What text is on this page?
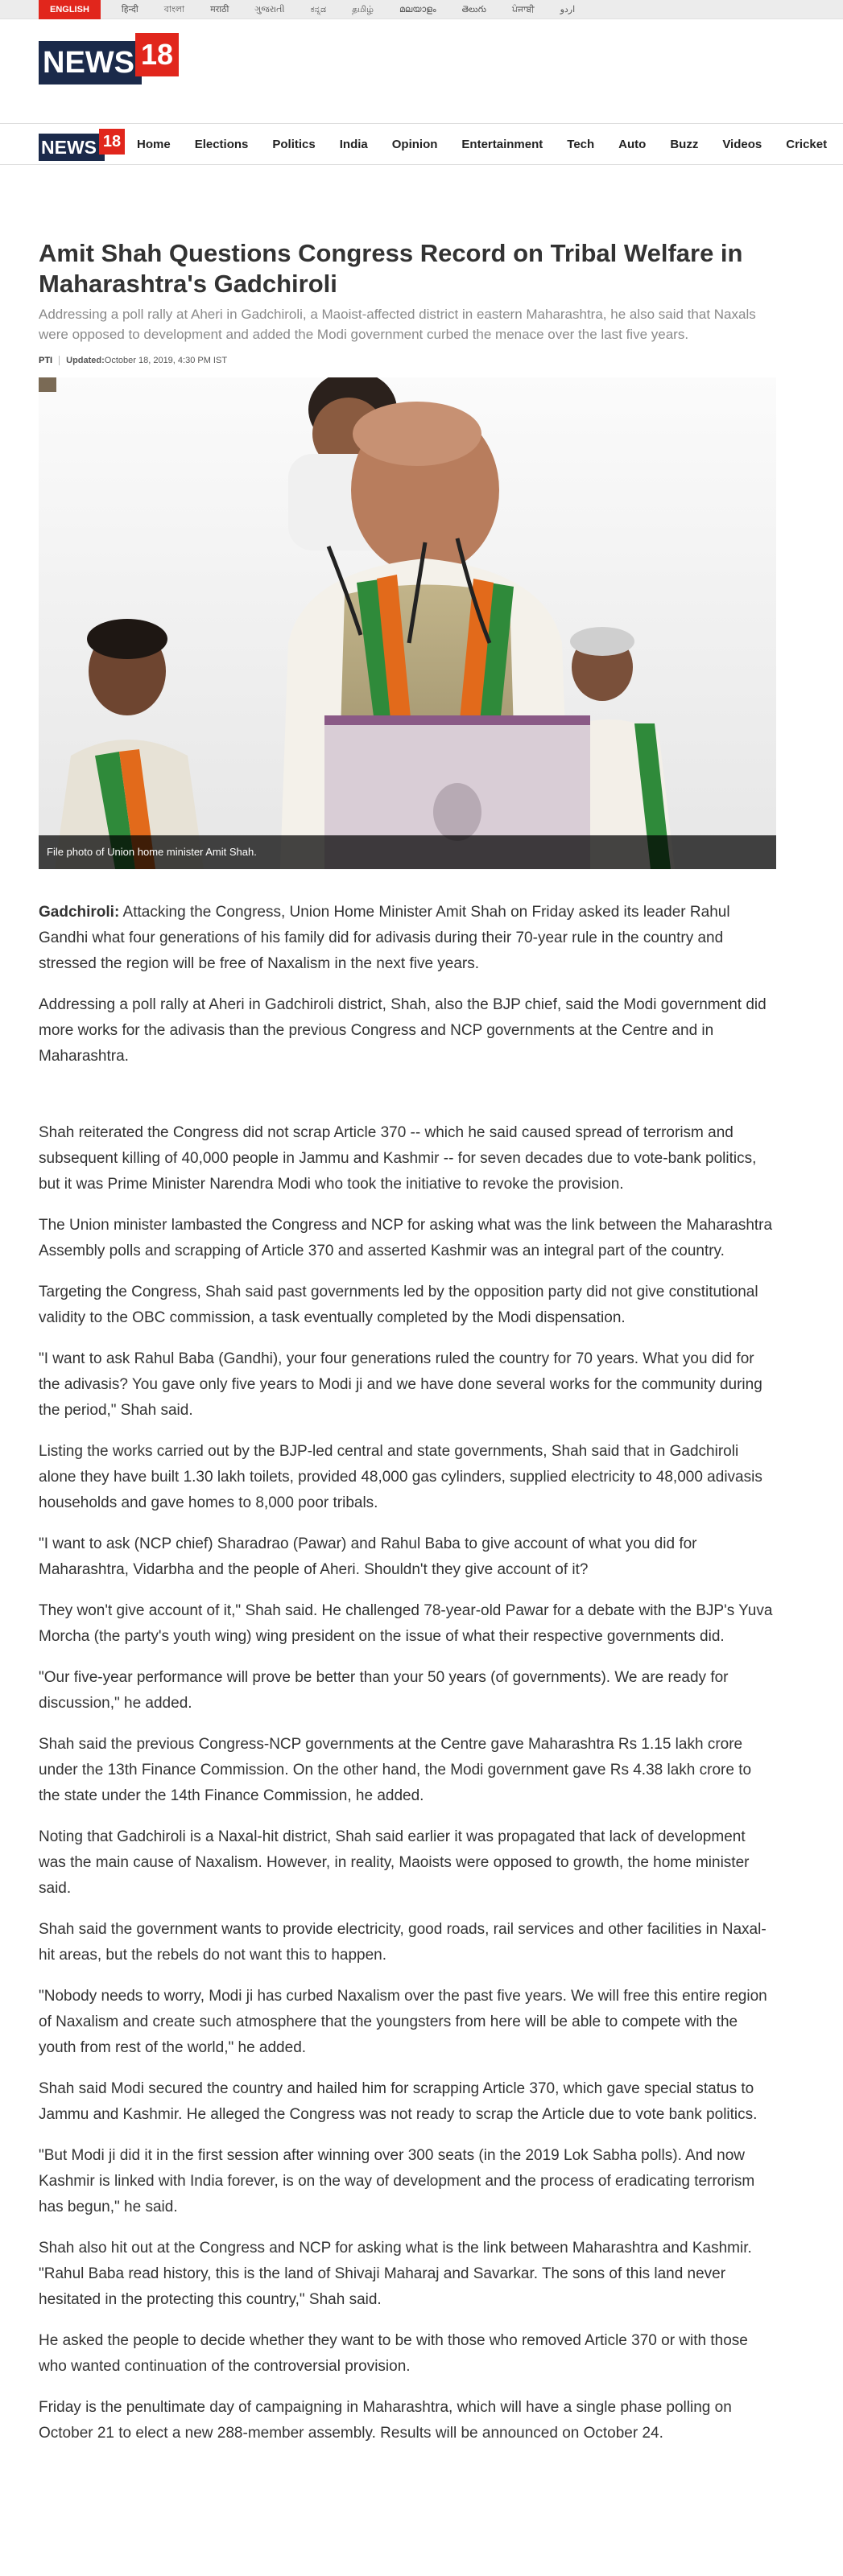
ENGLISH	हिन्दी	বাংলা	मराठी	ગુજરાતી	ಕನ್ನಡ	தமிழ்	മലയാളം	తెలుగు	ਪੰਜਾਬੀ	اردو
NEWS 18
NEWS 18	Home Elections Politics India Opinion Entertainment Tech Auto Buzz Videos Cricket
Amit Shah Questions Congress Record on Tribal Welfare in Maharashtra's Gadchiroli

Addressing a poll rally at Aheri in Gadchiroli, a Maoist-affected district in eastern Maharashtra, he also said that Naxals were opposed to development and added the Modi government curbed the menace over the last five years.

PTI Updated: October 18, 2019, 4:30 PM IST
File photo of Union home minister Amit Shah.

Gadchiroli: Attacking the Congress, Union Home Minister Amit Shah on Friday asked its leader Rahul Gandhi what four generations of his family did for adivasis during their 70-year rule in the country and stressed the region will be free of Naxalism in the next five years.

Addressing a poll rally at Aheri in Gadchiroli district, Shah, also the BJP chief, said the Modi government did more works for the adivasis than the previous Congress and NCP governments at the Centre and in Maharashtra.

Shah reiterated the Congress did not scrap Article 370 -- which he said caused spread of terrorism and subsequent killing of 40,000 people in Jammu and Kashmir -- for seven decades due to vote-bank politics, but it was Prime Minister Narendra Modi who took the initiative to revoke the provision.

The Union minister lambasted the Congress and NCP for asking what was the link between the Maharashtra Assembly polls and scrapping of Article 370 and asserted Kashmir was an integral part of the country.

Targeting the Congress, Shah said past governments led by the opposition party did not give constitutional validity to the OBC commission, a task eventually completed by the Modi dispensation.

"I want to ask Rahul Baba (Gandhi), your four generations ruled the country for 70 years. What you did for the adivasis? You gave only five years to Modi ji and we have done several works for the community during the period," Shah said.

Listing the works carried out by the BJP-led central and state governments, Shah said that in Gadchiroli alone they have built 1.30 lakh toilets, provided 48,000 gas cylinders, supplied electricity to 48,000 adivasis households and gave homes to 8,000 poor tribals.

"I want to ask (NCP chief) Sharadrao (Pawar) and Rahul Baba to give account of what you did for Maharashtra, Vidarbha and the people of Aheri. Shouldn't they give account of it?

They won't give account of it," Shah said. He challenged 78-year-old Pawar for a debate with the BJP's Yuva Morcha (the party's youth wing) wing president on the issue of what their respective governments did.

"Our five-year performance will prove be better than your 50 years (of governments). We are ready for discussion," he added.

Shah said the previous Congress-NCP governments at the Centre gave Maharashtra Rs 1.15 lakh crore under the 13th Finance Commission. On the other hand, the Modi government gave Rs 4.38 lakh crore to the state under the 14th Finance Commission, he added.

Noting that Gadchiroli is a Naxal-hit district, Shah said earlier it was propagated that lack of development was the main cause of Naxalism. However, in reality, Maoists were opposed to growth, the home minister said.

Shah said the government wants to provide electricity, good roads, rail services and other facilities in Naxal-hit areas, but the rebels do not want this to happen.

"Nobody needs to worry, Modi ji has curbed Naxalism over the past five years. We will free this entire region of Naxalism and create such atmosphere that the youngsters from here will be able to compete with the youth from rest of the world," he added.

Shah said Modi secured the country and hailed him for scrapping Article 370, which gave special status to Jammu and Kashmir. He alleged the Congress was not ready to scrap the Article due to vote bank politics.

"But Modi ji did it in the first session after winning over 300 seats (in the 2019 Lok Sabha polls). And now Kashmir is linked with India forever, is on the way of development and the process of eradicating terrorism has begun," he said.

Shah also hit out at the Congress and NCP for asking what is the link between Maharashtra and Kashmir. "Rahul Baba read history, this is the land of Shivaji Maharaj and Savarkar. The sons of this land never hesitated in the protecting this country," Shah said.

He asked the people to decide whether they want to be with those who removed Article 370 or with those who wanted continuation of the controversial provision.

Friday is the penultimate day of campaigning in Maharashtra, which will have a single phase polling on October 21 to elect a new 288-member assembly. Results will be announced on October 24.
